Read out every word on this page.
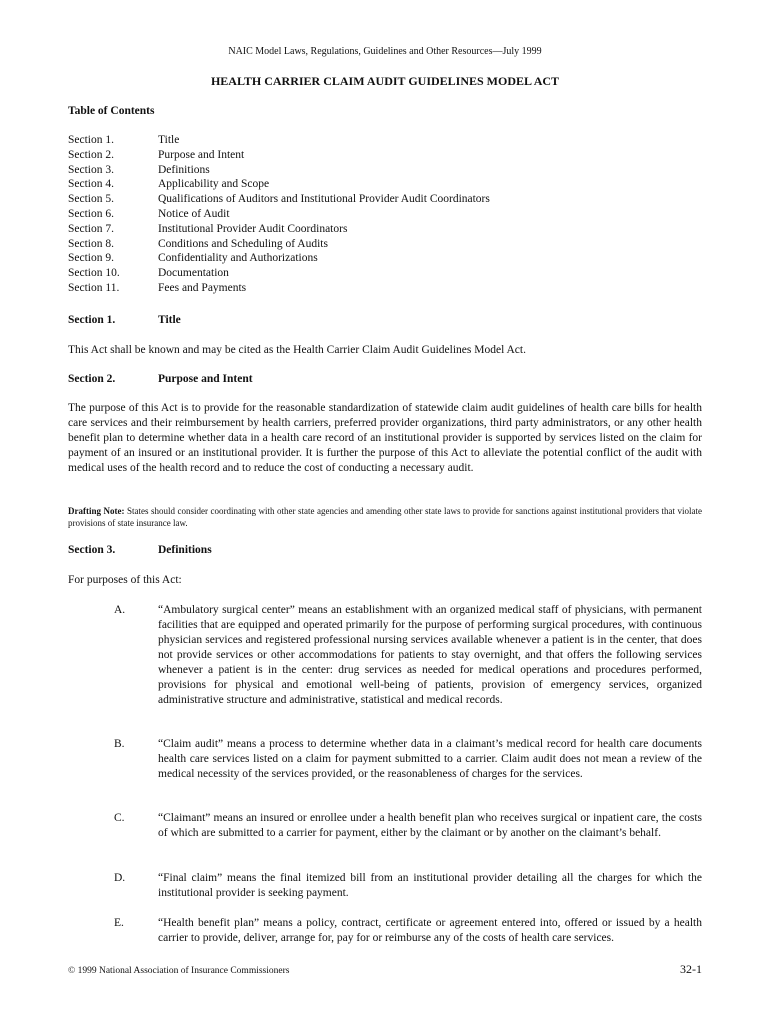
NAIC Model Laws, Regulations, Guidelines and Other Resources—July 1999
HEALTH CARRIER CLAIM AUDIT GUIDELINES MODEL ACT
Table of Contents
Section 1.	Title
Section 2.	Purpose and Intent
Section 3.	Definitions
Section 4.	Applicability and Scope
Section 5.	Qualifications of Auditors and Institutional Provider Audit Coordinators
Section 6.	Notice of Audit
Section 7.	Institutional Provider Audit Coordinators
Section 8.	Conditions and Scheduling of Audits
Section 9.	Confidentiality and Authorizations
Section 10.	Documentation
Section 11.	Fees and Payments
Section 1.	Title
This Act shall be known and may be cited as the Health Carrier Claim Audit Guidelines Model Act.
Section 2.	Purpose and Intent
The purpose of this Act is to provide for the reasonable standardization of statewide claim audit guidelines of health care bills for health care services and their reimbursement by health carriers, preferred provider organizations, third party administrators, or any other health benefit plan to determine whether data in a health care record of an institutional provider is supported by services listed on the claim for payment of an insured or an institutional provider. It is further the purpose of this Act to alleviate the potential conflict of the audit with medical uses of the health record and to reduce the cost of conducting a necessary audit.
Drafting Note: States should consider coordinating with other state agencies and amending other state laws to provide for sanctions against institutional providers that violate provisions of state insurance law.
Section 3.	Definitions
For purposes of this Act:
A.	“Ambulatory surgical center” means an establishment with an organized medical staff of physicians, with permanent facilities that are equipped and operated primarily for the purpose of performing surgical procedures, with continuous physician services and registered professional nursing services available whenever a patient is in the center, that does not provide services or other accommodations for patients to stay overnight, and that offers the following services whenever a patient is in the center: drug services as needed for medical operations and procedures performed, provisions for physical and emotional well-being of patients, provision of emergency services, organized administrative structure and administrative, statistical and medical records.
B.	“Claim audit” means a process to determine whether data in a claimant’s medical record for health care documents health care services listed on a claim for payment submitted to a carrier. Claim audit does not mean a review of the medical necessity of the services provided, or the reasonableness of charges for the services.
C.	“Claimant” means an insured or enrollee under a health benefit plan who receives surgical or inpatient care, the costs of which are submitted to a carrier for payment, either by the claimant or by another on the claimant’s behalf.
D.	“Final claim” means the final itemized bill from an institutional provider detailing all the charges for which the institutional provider is seeking payment.
E.	“Health benefit plan” means a policy, contract, certificate or agreement entered into, offered or issued by a health carrier to provide, deliver, arrange for, pay for or reimburse any of the costs of health care services.
© 1999 National Association of Insurance Commissioners	32-1
